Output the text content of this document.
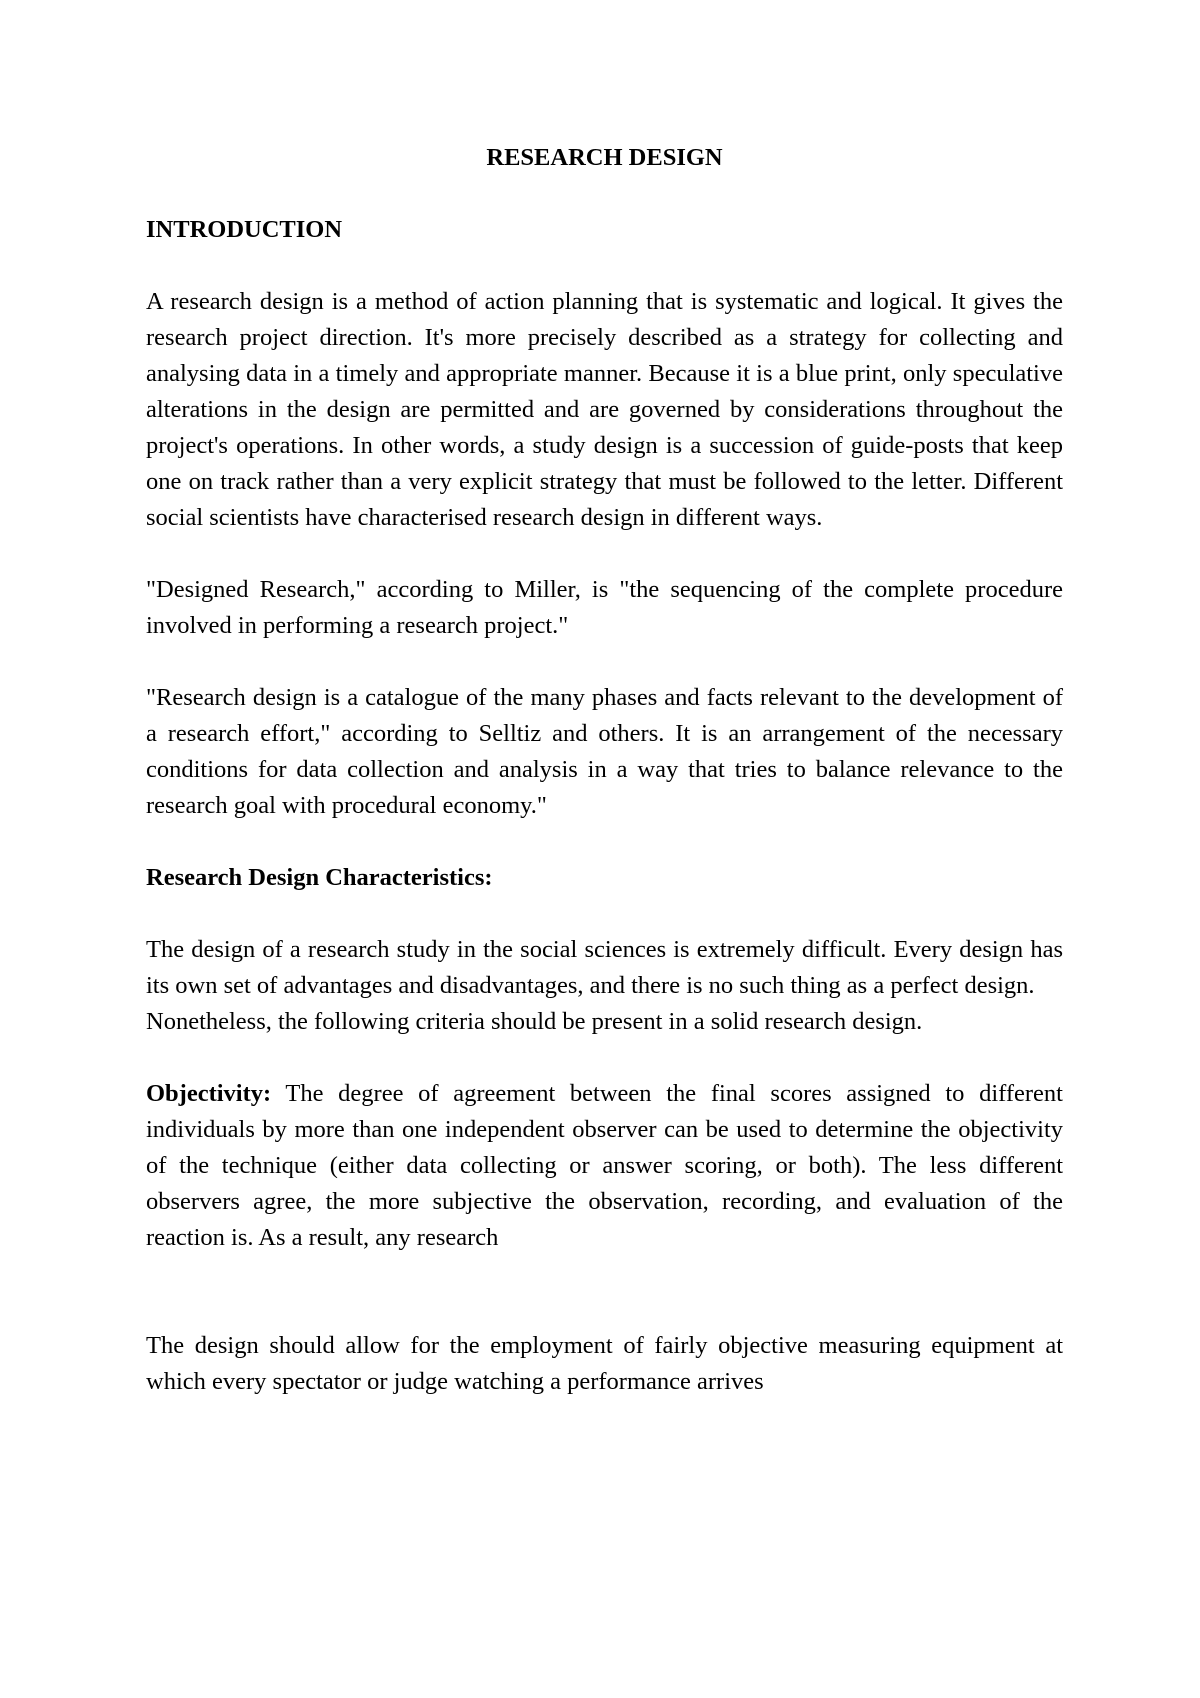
RESEARCH DESIGN

INTRODUCTION

A research design is a method of action planning that is systematic and logical. It gives the research project direction. It's more precisely described as a strategy for collecting and analysing data in a timely and appropriate manner. Because it is a blue print, only speculative alterations in the design are permitted and are governed by considerations throughout the project's operations. In other words, a study design is a succession of guide-posts that keep one on track rather than a very explicit strategy that must be followed to the letter. Different social scientists have characterised research design in different ways.

"Designed Research," according to Miller, is "the sequencing of the complete procedure involved in performing a research project."

"Research design is a catalogue of the many phases and facts relevant to the development of a research effort," according to Selltiz and others. It is an arrangement of the necessary conditions for data collection and analysis in a way that tries to balance relevance to the research goal with procedural economy."

Research Design Characteristics:

The design of a research study in the social sciences is extremely difficult. Every design has its own set of advantages and disadvantages, and there is no such thing as a perfect design.

Nonetheless, the following criteria should be present in a solid research design.

Objectivity: The degree of agreement between the final scores assigned to different individuals by more than one independent observer can be used to determine the objectivity of the technique (either data collecting or answer scoring, or both). The less different observers agree, the more subjective the observation, recording, and evaluation of the reaction is. As a result, any research

The design should allow for the employment of fairly objective measuring equipment at which every spectator or judge watching a performance arrives
